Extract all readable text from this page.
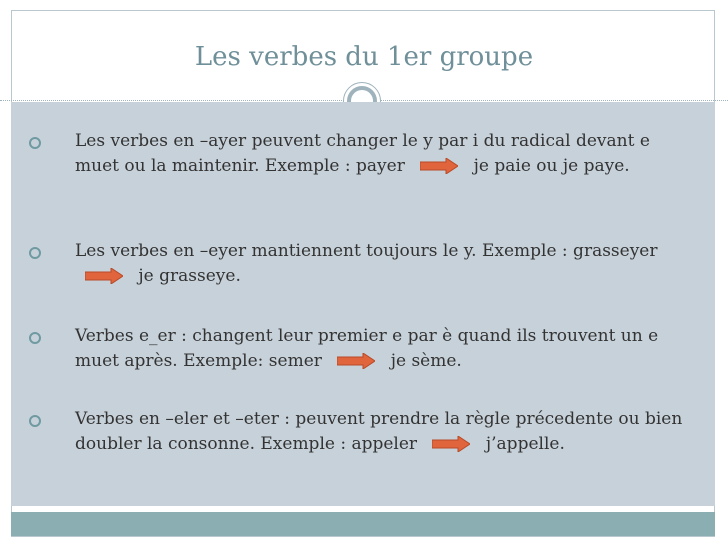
Les verbes du 1er groupe
Les verbes en –ayer peuvent changer le y par i du radical devant e muet ou la maintenir. Exemple : payer	je paie ou je paye.
Les verbes en –eyer mantiennent toujours le y. Exemple : grasseyer  je grasseye.
Verbes e_er : changent leur premier e par è quand ils trouvent un e muet après. Exemple: semer	je sème.
Verbes en –eler et –eter : peuvent prendre la règle précedente ou bien doubler la consonne. Exemple : appeler	j’appelle.
